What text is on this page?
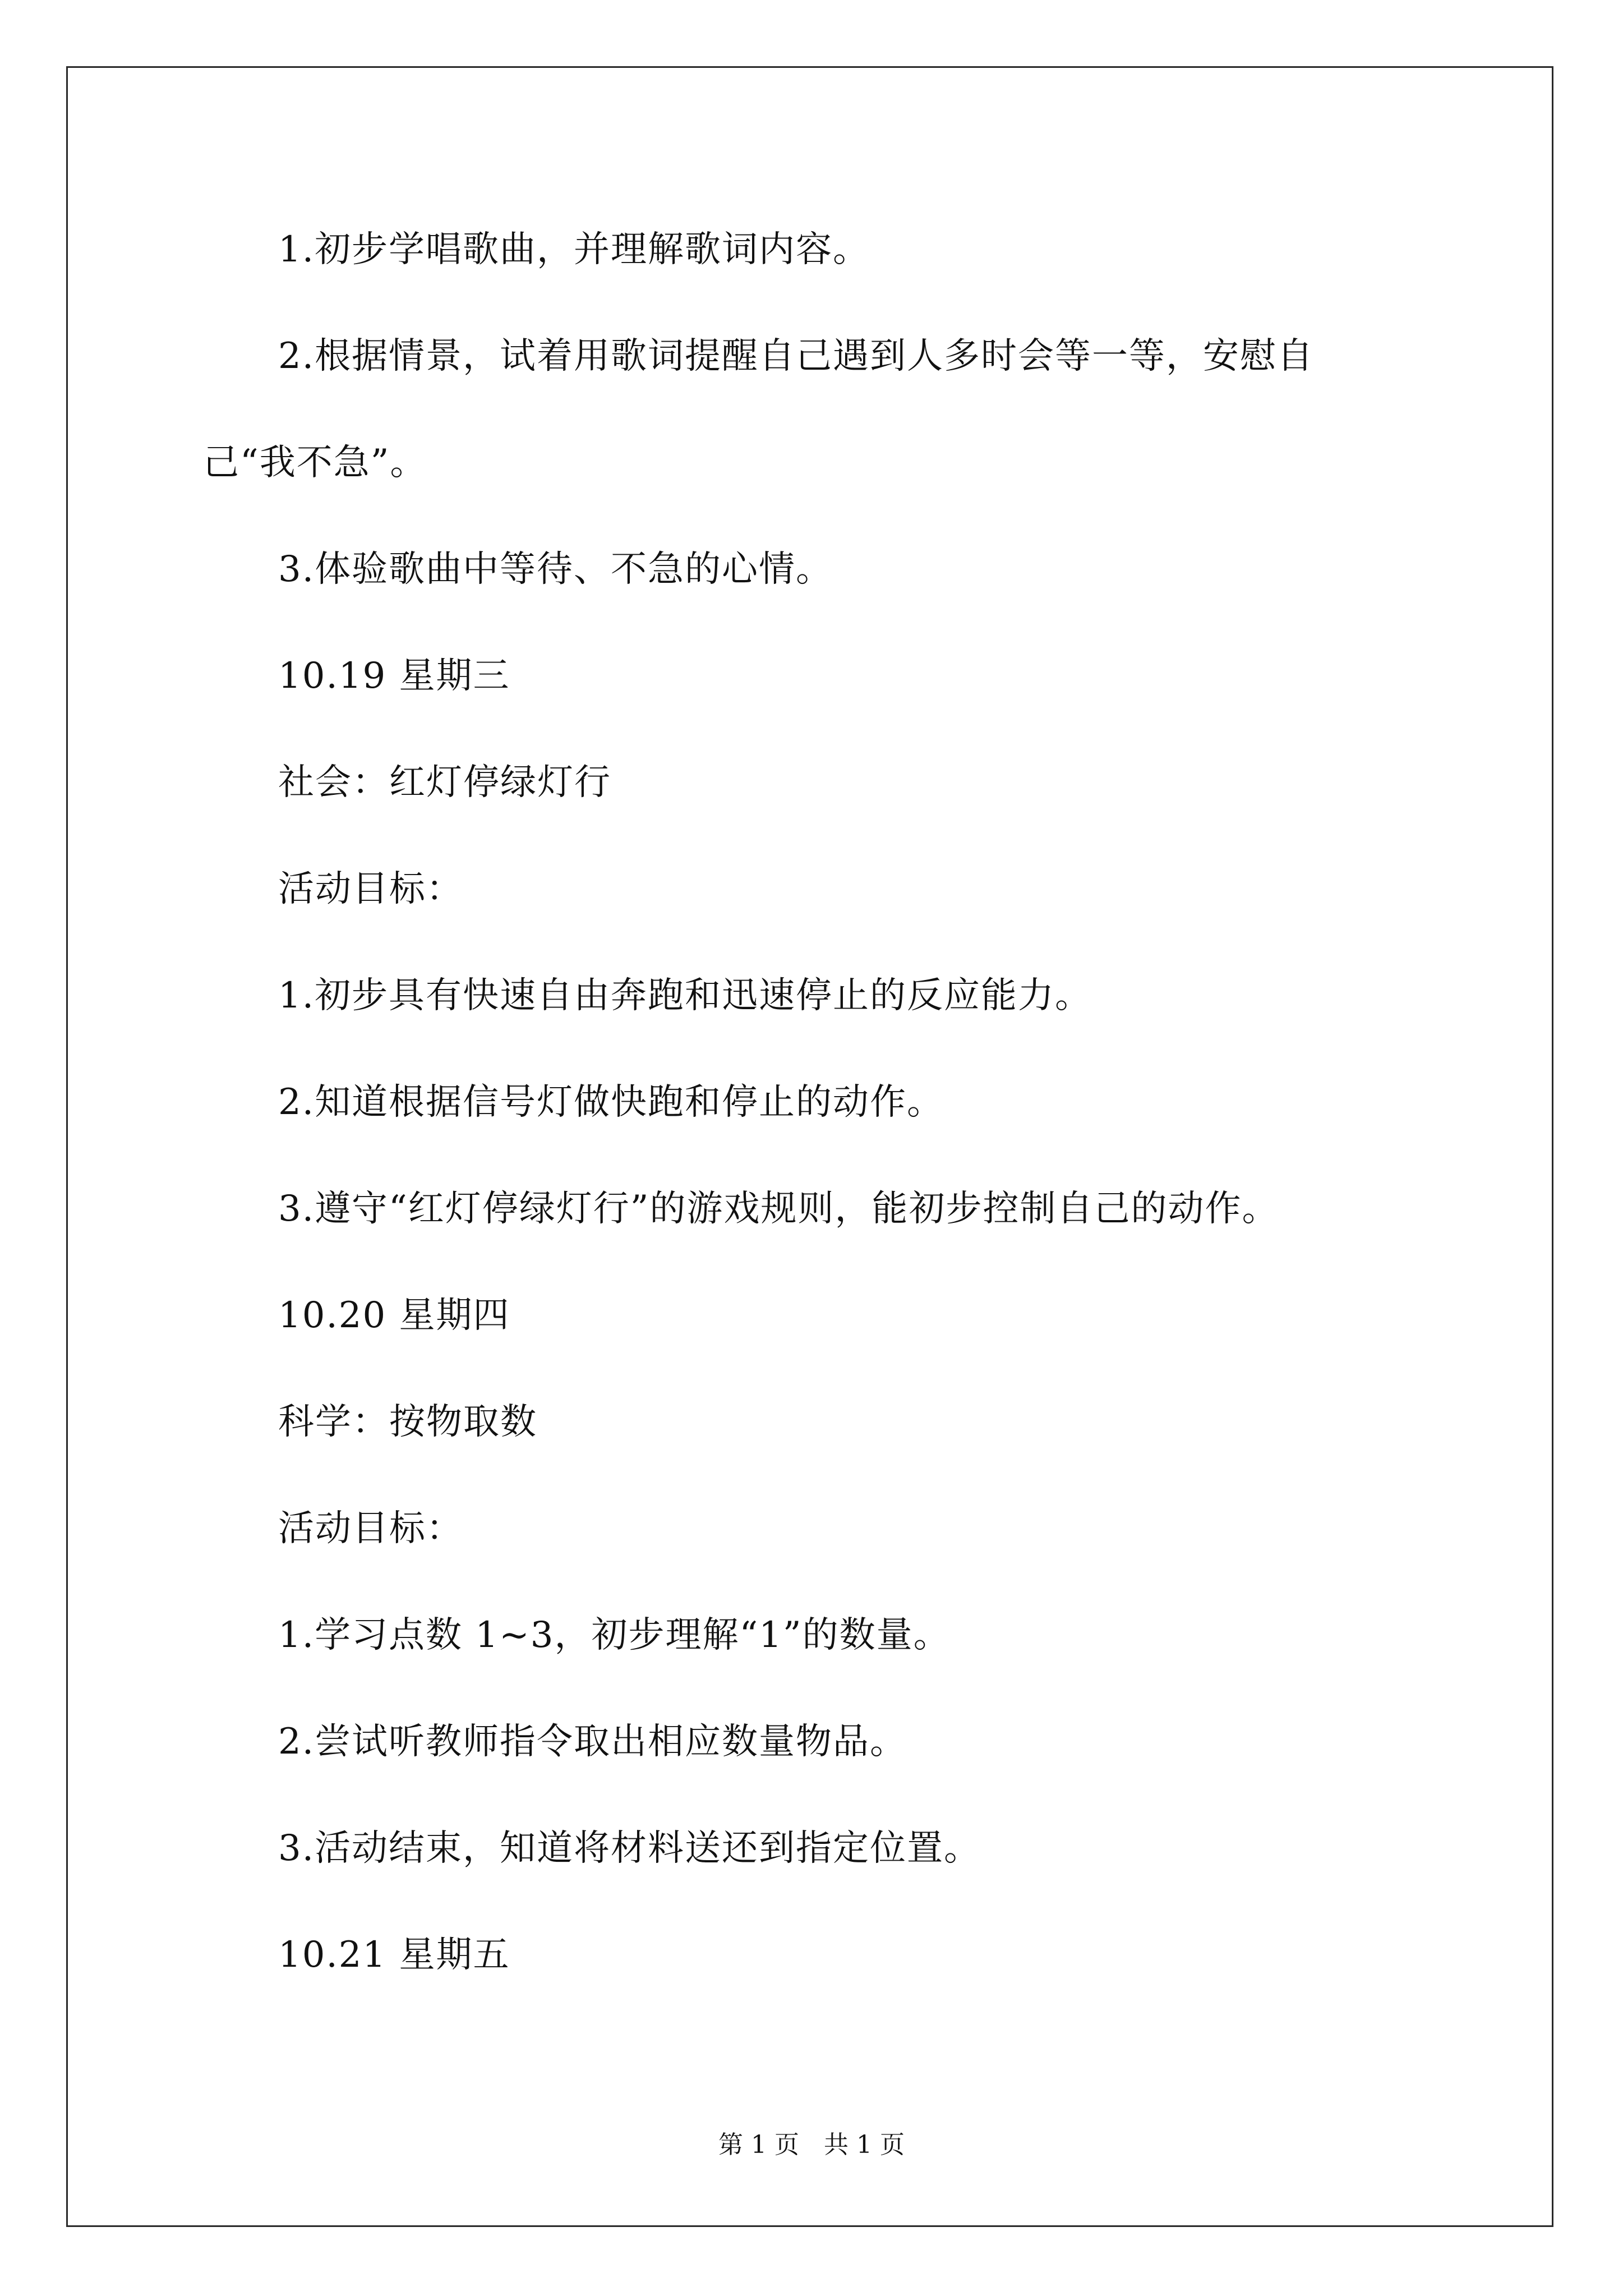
1.初步学唱歌曲，并理解歌词内容。
2.根据情景，试着用歌词提醒自己遇到人多时会等一等，安慰自
己“我不急”。
3.体验歌曲中等待、不急的心情。
10.19 星期三
社会：红灯停绿灯行
活动目标：
1.初步具有快速自由奔跑和迅速停止的反应能力。
2.知道根据信号灯做快跑和停止的动作。
3.遵守“红灯停绿灯行”的游戏规则，能初步控制自己的动作。
10.20 星期四
科学：按物取数
活动目标：
1.学习点数 1~3，初步理解“1”的数量。
2.尝试听教师指令取出相应数量物品。
3.活动结束，知道将材料送还到指定位置。
10.21 星期五
第 1 页　共 1 页
